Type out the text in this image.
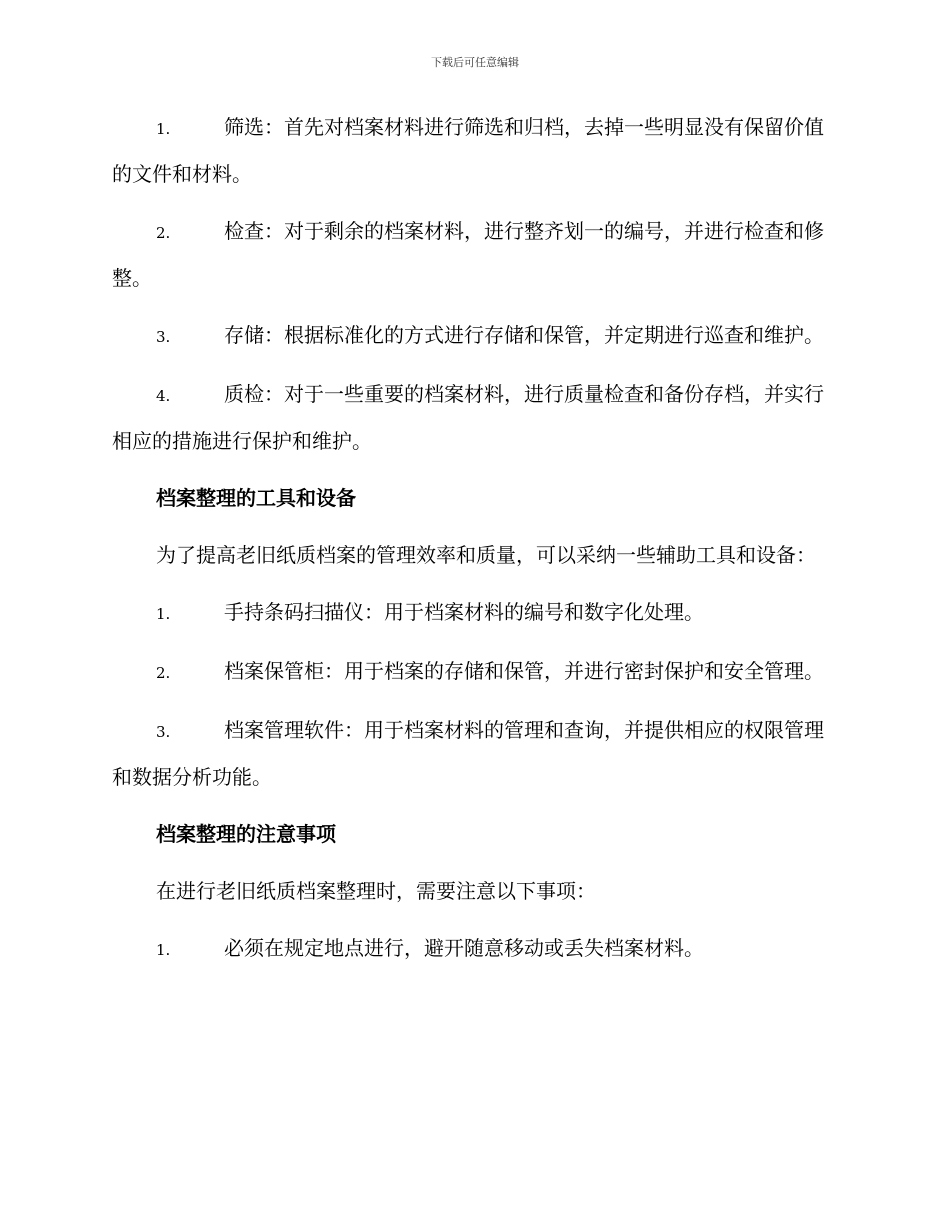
下载后可任意编辑

1.	筛选：首先对档案材料进行筛选和归档，去掉一些明显没有保留价值的文件和材料。

2.	检查：对于剩余的档案材料，进行整齐划一的编号，并进行检查和修整。

3.	存储：根据标准化的方式进行存储和保管，并定期进行巡查和维护。

4.	质检：对于一些重要的档案材料，进行质量检查和备份存档，并实行相应的措施进行保护和维护。

档案整理的工具和设备

为了提高老旧纸质档案的管理效率和质量，可以采纳一些辅助工具和设备：

1.	手持条码扫描仪：用于档案材料的编号和数字化处理。

2.	档案保管柜：用于档案的存储和保管，并进行密封保护和安全管理。

3.	档案管理软件：用于档案材料的管理和查询，并提供相应的权限管理和数据分析功能。

档案整理的注意事项

在进行老旧纸质档案整理时，需要注意以下事项：

1.	必须在规定地点进行，避开随意移动或丢失档案材料。
